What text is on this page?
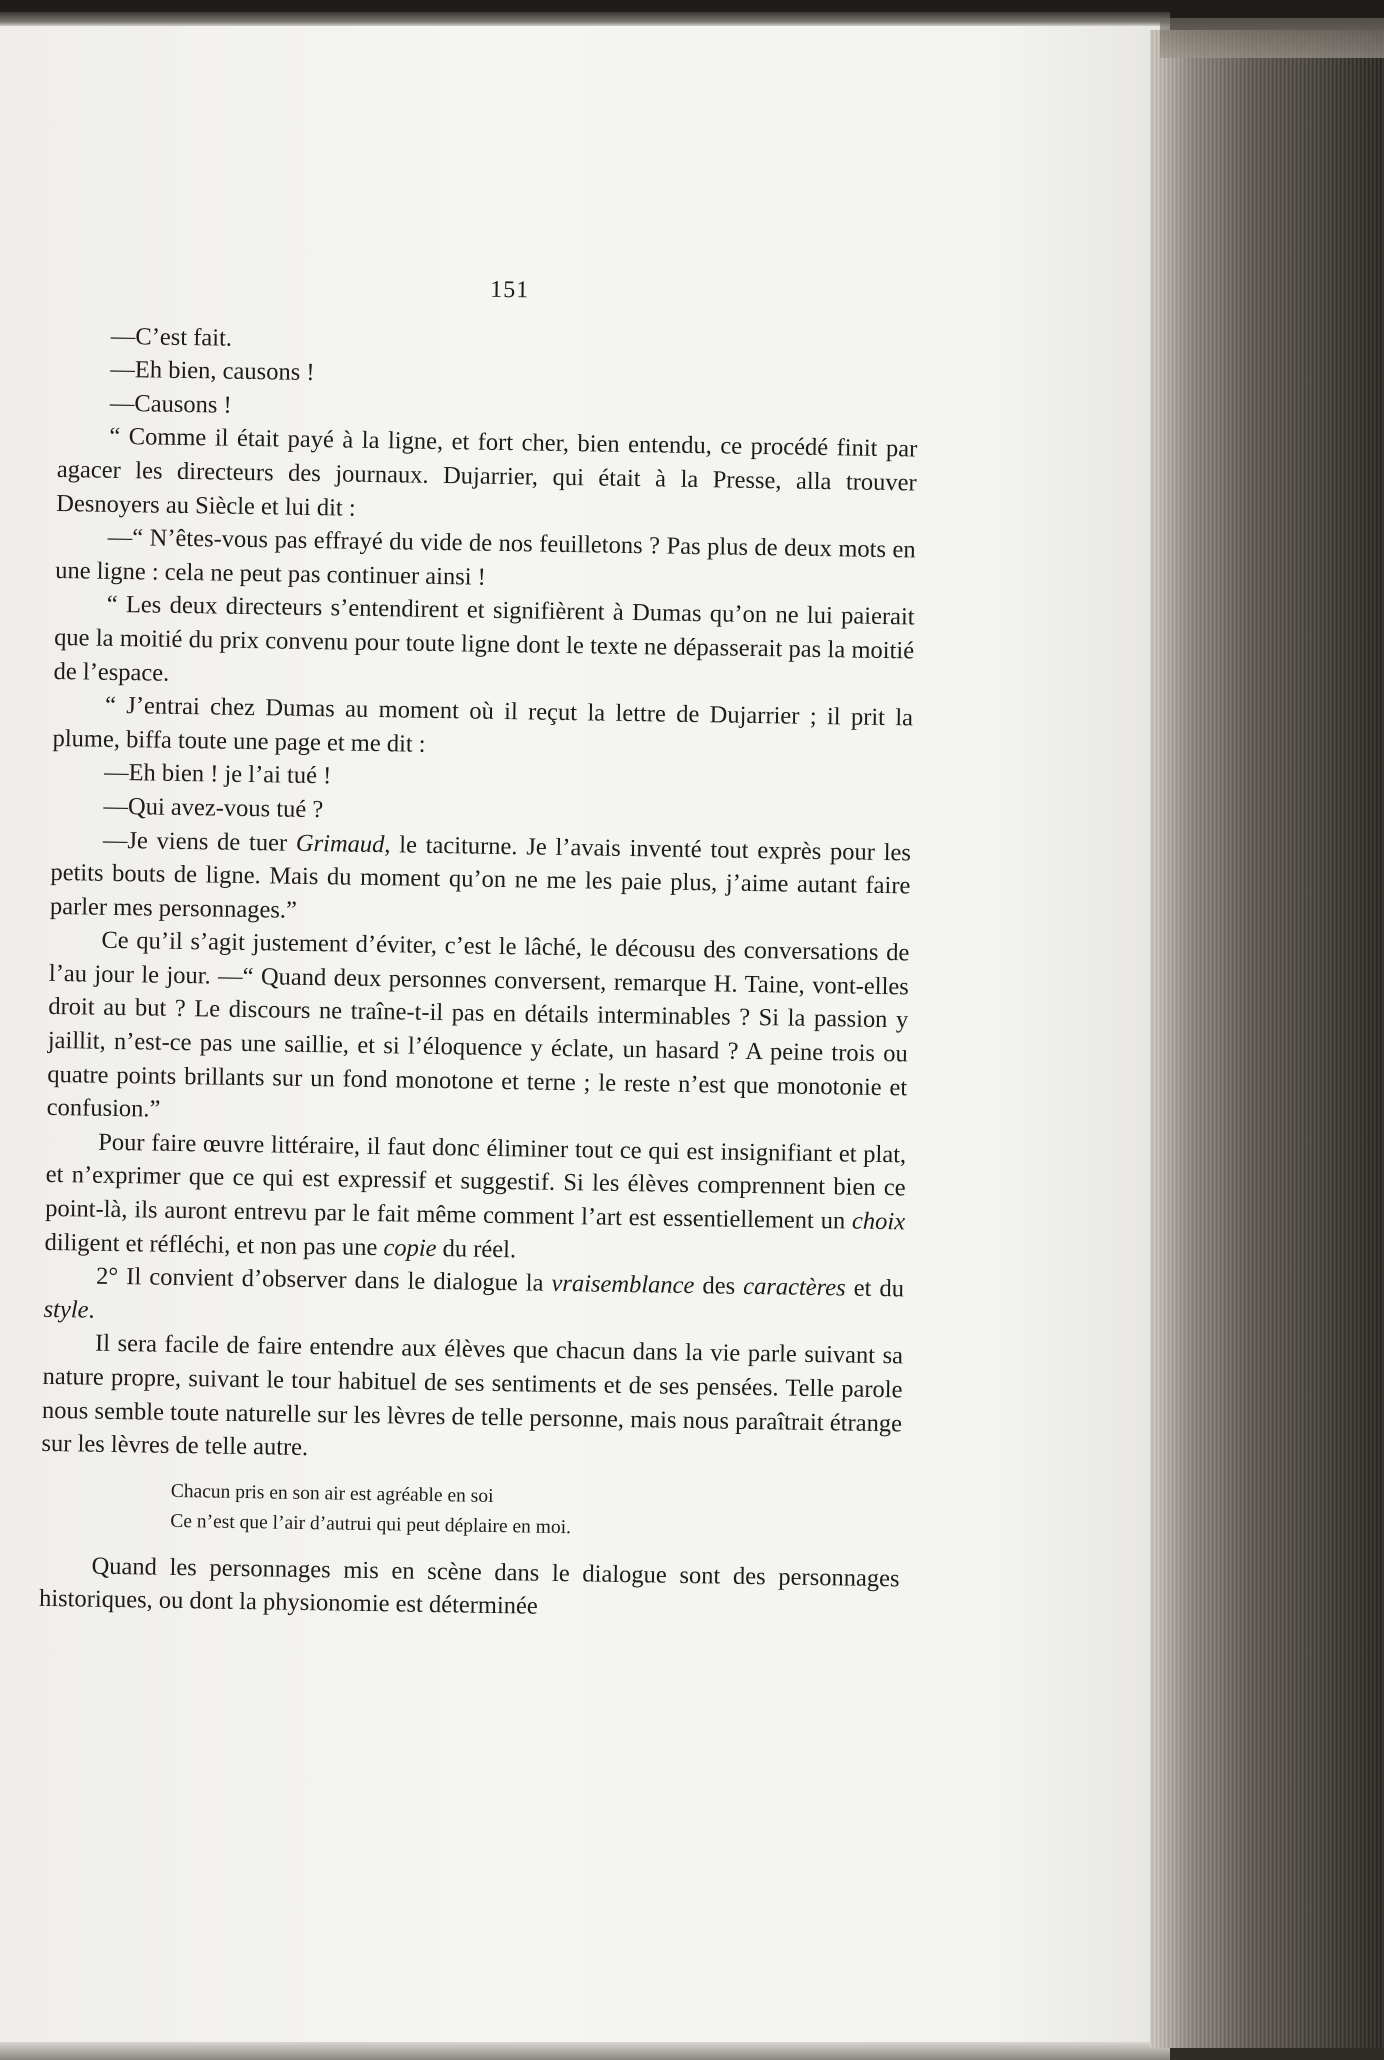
151

—C’est fait.

—Eh bien, causons !

—Causons !

“ Comme il était payé à la ligne, et fort cher, bien entendu, ce procédé finit par agacer les directeurs des journaux. Dujarrier, qui était à la Presse, alla trouver Desnoyers au Siècle et lui dit :

—“ N’êtes-vous pas effrayé du vide de nos feuilletons ? Pas plus de deux mots en une ligne : cela ne peut pas continuer ainsi !

“ Les deux directeurs s’entendirent et signifièrent à Dumas qu’on ne lui paierait que la moitié du prix convenu pour toute ligne dont le texte ne dépasserait pas la moitié de l’espace.

“ J’entrai chez Dumas au moment où il reçut la lettre de Dujarrier ; il prit la plume, biffa toute une page et me dit :

—Eh bien ! je l’ai tué !

—Qui avez-vous tué ?

—Je viens de tuer Grimaud, le taciturne. Je l’avais inventé tout exprès pour les petits bouts de ligne. Mais du moment qu’on ne me les paie plus, j’aime autant faire parler mes personnages.”

Ce qu’il s’agit justement d’éviter, c’est le lâché, le décousu des conversations de l’au jour le jour. —“ Quand deux personnes conversent, remarque H. Taine, vont-elles droit au but ? Le discours ne traîne-t-il pas en détails interminables ? Si la passion y jaillit, n’est-ce pas une saillie, et si l’éloquence y éclate, un hasard ? A peine trois ou quatre points brillants sur un fond monotone et terne ; le reste n’est que monotonie et confusion.”

Pour faire œuvre littéraire, il faut donc éliminer tout ce qui est insignifiant et plat, et n’exprimer que ce qui est expressif et suggestif. Si les élèves comprennent bien ce point-là, ils auront entrevu par le fait même comment l’art est essentiellement un choix diligent et réfléchi, et non pas une copie du réel.

2° Il convient d’observer dans le dialogue la vraisemblance des caractères et du style.

Il sera facile de faire entendre aux élèves que chacun dans la vie parle suivant sa nature propre, suivant le tour habituel de ses sentiments et de ses pensées. Telle parole nous semble toute naturelle sur les lèvres de telle personne, mais nous paraîtrait étrange sur les lèvres de telle autre.

Chacun pris en son air est agréable en soi
Ce n’est que l’air d’autrui qui peut déplaire en moi.

Quand les personnages mis en scène dans le dialogue sont des personnages historiques, ou dont la physionomie est déterminée
